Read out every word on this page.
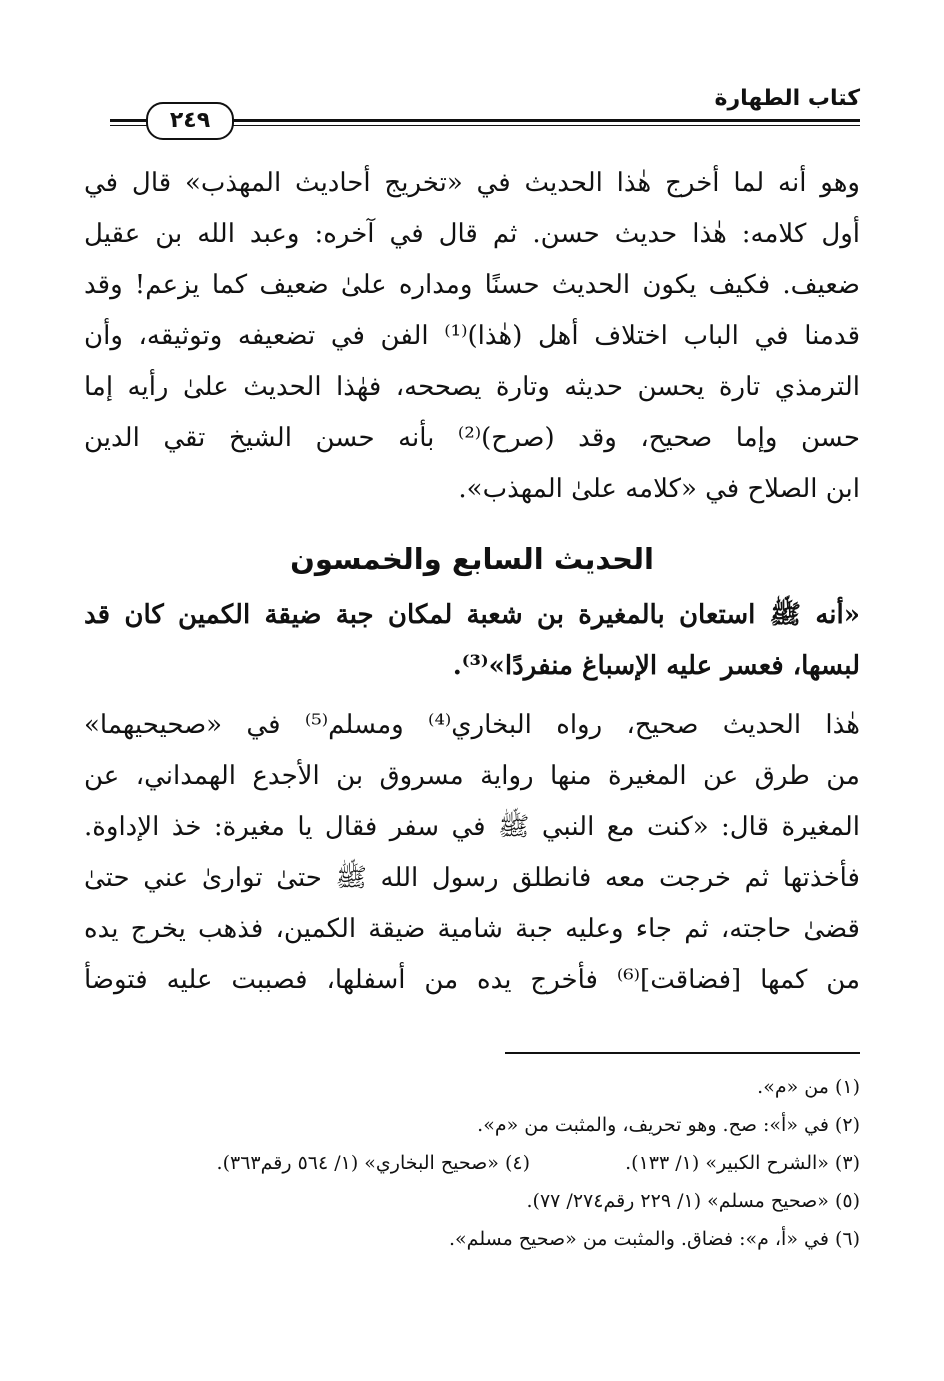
كتاب الطهارة
٢٤٩
وهو أنه لما أخرج هٰذا الحديث في «تخريج أحاديث المهذب» قال في
أول كلامه: هٰذا حديث حسن. ثم قال في آخره: وعبد الله بن عقيل
ضعيف. فكيف يكون الحديث حسنًا ومداره علىٰ ضعيف كما يزعم! وقد
قدمنا في الباب اختلاف أهل (هٰذا)⁽¹⁾ الفن في تضعيفه وتوثيقه، وأن
الترمذي تارة يحسن حديثه وتارة يصححه، فهٰذا الحديث علىٰ رأيه إما
حسن وإما صحيح، وقد (صرح)⁽²⁾ بأنه حسن الشيخ تقي الدين
ابن الصلاح في «كلامه علىٰ المهذب».
الحديث السابع والخمسون
«أنه ﷺ استعان بالمغيرة بن شعبة لمكان جبة ضيقة الكمين كان قد
لبسها، فعسر عليه الإسباغ منفردًا»⁽³⁾.
هٰذا الحديث صحيح، رواه البخاري⁽⁴⁾ ومسلم⁽⁵⁾ في «صحيحيهما»
من طرق عن المغيرة منها رواية مسروق بن الأجدع الهمداني، عن
المغيرة قال: «كنت مع النبي ﷺ في سفر فقال يا مغيرة: خذ الإداوة.
فأخذتها ثم خرجت معه فانطلق رسول الله ﷺ حتىٰ توارىٰ عني حتىٰ
قضىٰ حاجته، ثم جاء وعليه جبة شامية ضيقة الكمين، فذهب يخرج يده
من كمها [فضاقت]⁽⁶⁾ فأخرج يده من أسفلها، فصببت عليه فتوضأ
(١) من «م».
(٢) في «أ»: صح. وهو تحريف، والمثبت من «م».
(٣) «الشرح الكبير» (١/ ١٣٣).
(٤) «صحيح البخاري» (١/ ٥٦٤ رقم٣٦٣).
(٥) «صحيح مسلم» (١/ ٢٢٩ رقم٢٧٤/ ٧٧).
(٦) في «أ، م»: فضاق. والمثبت من «صحيح مسلم».
